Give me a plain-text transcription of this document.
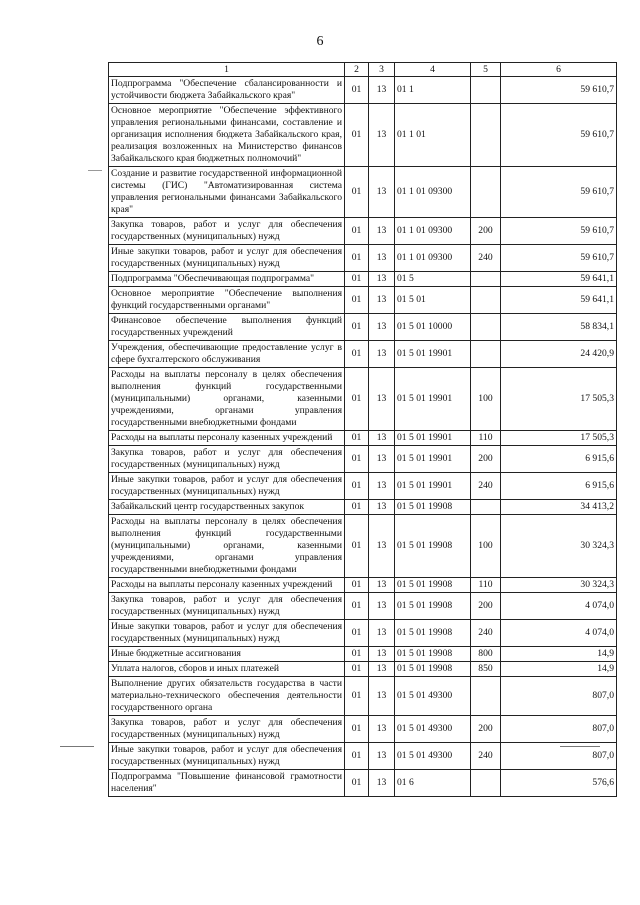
6
1	2	3	4	5	6
Подпрограмма "Обеспечение сбалансированности и устойчивости бюджета Забайкальского края"	01	13	01 1		59 610,7
Основное мероприятие "Обеспечение эффективного управления региональными финансами, составление и организация исполнения бюджета Забайкальского края, реализация возложенных на Министерство финансов Забайкальского края бюджетных полномочий"	01	13	01 1 01		59 610,7
Создание и развитие государственной информационной системы (ГИС) "Автоматизированная система управления региональными финансами Забайкальского края"	01	13	01 1 01 09300		59 610,7
Закупка товаров, работ и услуг для обеспечения государственных (муниципальных) нужд	01	13	01 1 01 09300	200	59 610,7
Иные закупки товаров, работ и услуг для обеспечения государственных (муниципальных) нужд	01	13	01 1 01 09300	240	59 610,7
Подпрограмма "Обеспечивающая подпрограмма"	01	13	01 5		59 641,1
Основное мероприятие "Обеспечение выполнения функций государственными органами"	01	13	01 5 01		59 641,1
Финансовое обеспечение выполнения функций государственных учреждений	01	13	01 5 01 10000		58 834,1
Учреждения, обеспечивающие предоставление услуг в сфере бухгалтерского обслуживания	01	13	01 5 01 19901		24 420,9
Расходы на выплаты персоналу в целях обеспечения выполнения функций государственными (муниципальными) органами, казенными учреждениями, органами управления государственными внебюджетными фондами	01	13	01 5 01 19901	100	17 505,3
Расходы на выплаты персоналу казенных учреждений	01	13	01 5 01 19901	110	17 505,3
Закупка товаров, работ и услуг для обеспечения государственных (муниципальных) нужд	01	13	01 5 01 19901	200	6 915,6
Иные закупки товаров, работ и услуг для обеспечения государственных (муниципальных) нужд	01	13	01 5 01 19901	240	6 915,6
Забайкальский центр государственных закупок	01	13	01 5 01 19908		34 413,2
Расходы на выплаты персоналу в целях обеспечения выполнения функций государственными (муниципальными) органами, казенными учреждениями, органами управления государственными внебюджетными фондами	01	13	01 5 01 19908	100	30 324,3
Расходы на выплаты персоналу казенных учреждений	01	13	01 5 01 19908	110	30 324,3
Закупка товаров, работ и услуг для обеспечения государственных (муниципальных) нужд	01	13	01 5 01 19908	200	4 074,0
Иные закупки товаров, работ и услуг для обеспечения государственных (муниципальных) нужд	01	13	01 5 01 19908	240	4 074,0
Иные бюджетные ассигнования	01	13	01 5 01 19908	800	14,9
Уплата налогов, сборов и иных платежей	01	13	01 5 01 19908	850	14,9
Выполнение других обязательств государства в части материально-технического обеспечения деятельности государственного органа	01	13	01 5 01 49300		807,0
Закупка товаров, работ и услуг для обеспечения государственных (муниципальных) нужд	01	13	01 5 01 49300	200	807,0
Иные закупки товаров, работ и услуг для обеспечения государственных (муниципальных) нужд	01	13	01 5 01 49300	240	807,0
Подпрограмма "Повышение финансовой грамотности населения"	01	13	01 6		576,6
